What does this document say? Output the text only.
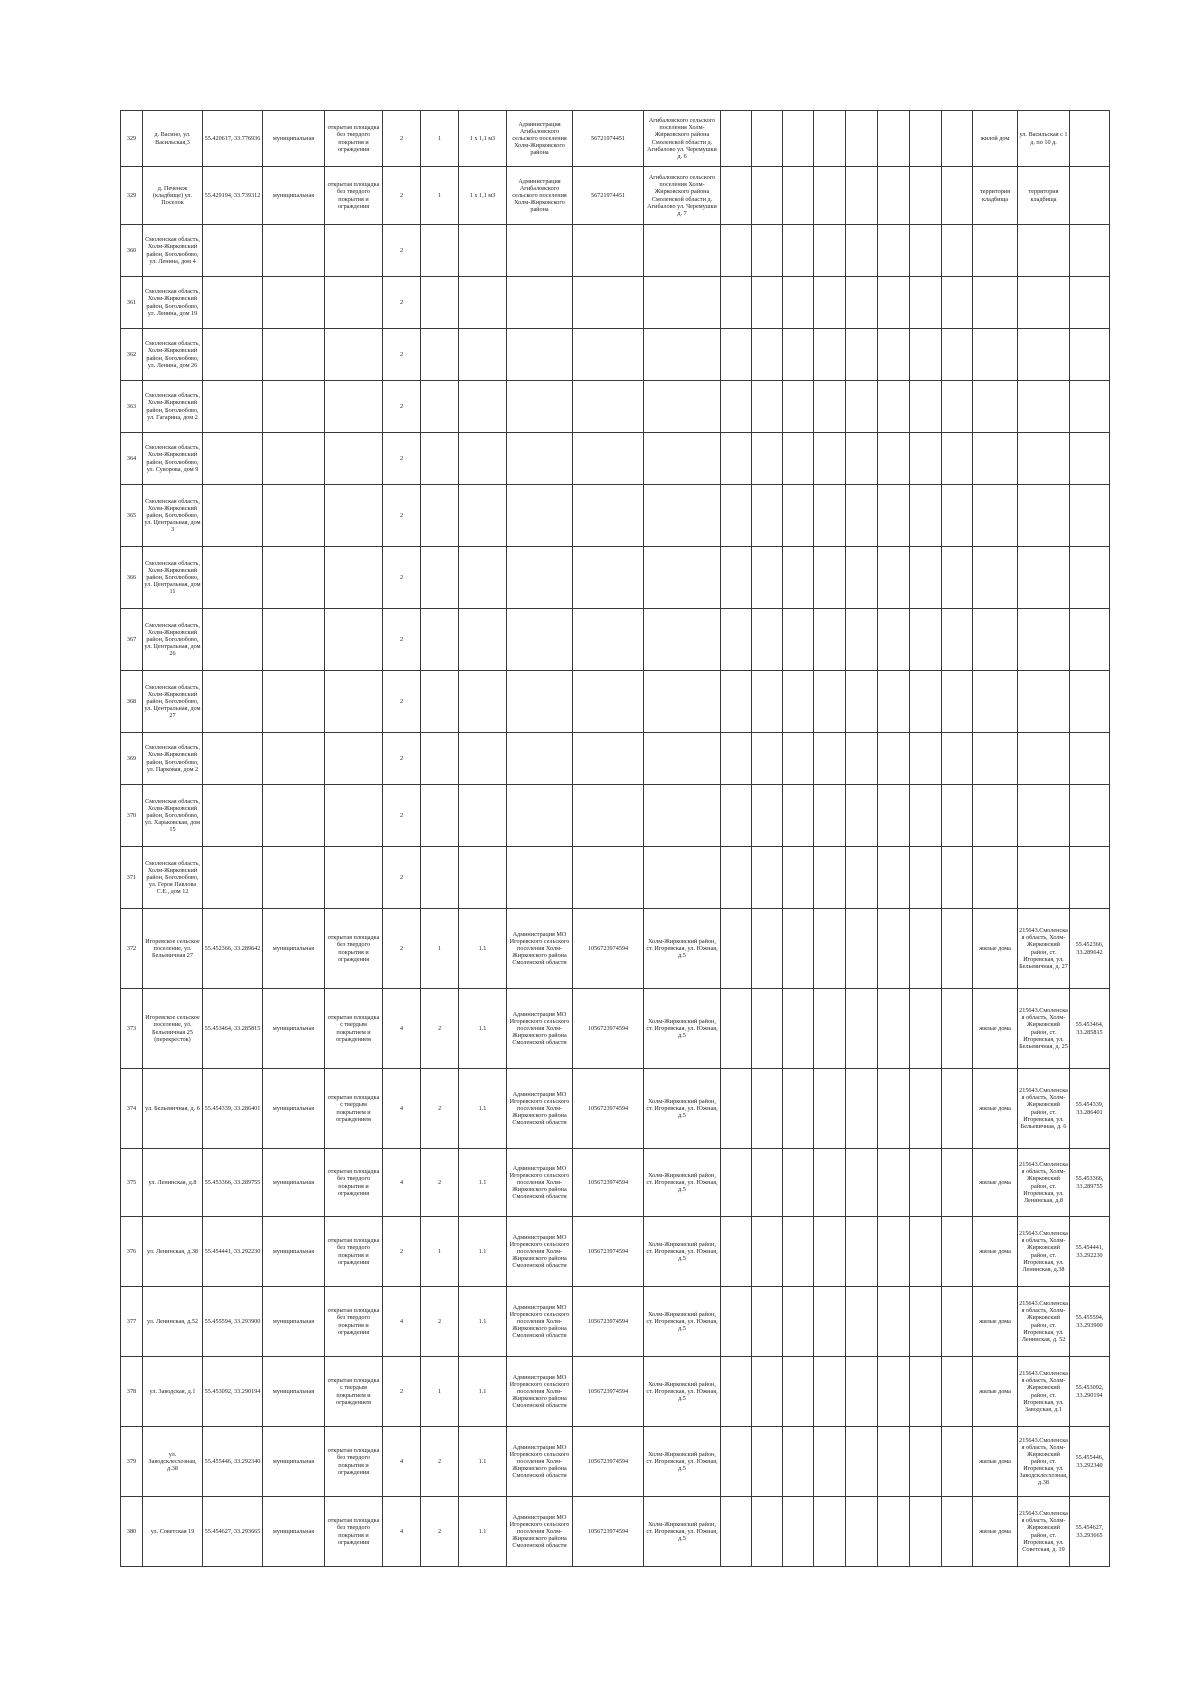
329	д. Васино, ул. Васильская,3	55.420617, 33.776936	муниципальная	открытая площадка без твердого покрытия и ограждения	2	1	1 х 1,1 м3	Администрация Агибаловского сельского поселения Холм-Жирковского района	56721974451	Агибаловского сельского поселения Холм-Жирковского района Смоленской области д. Агибалово ул. Черемушки д. 6									жилой дом	ул. Васильская с 1 д. по 10 д.	
329	д. Печенеж (кладбище) ул. Поселок	55.429194, 33.739312	муниципальная	открытая площадка без твердого покрытия и ограждения	2	1	1 х 1,1 м3	Администрация Агибаловского сельского поселения Холм-Жирковского района	56721974451	Агибаловского сельского поселения Холм-Жирковского района Смоленской области д. Агибалово ул. Черемушки д. 7									территория кладбища	территория кладбища	
360	Смоленская область, Холм-Жирковский район, Боголюбово, ул. Ленина, дом 4				2																
361	Смоленская область, Холм-Жирковский район, Боголюбово, ул. Ленина, дом 19				2																
362	Смоленская область, Холм-Жирковский район, Боголюбово, ул. Ленина, дом 26				2																
363	Смоленская область, Холм-Жирковский район, Боголюбово, ул. Гагарина, дом 2				2																
364	Смоленская область, Холм-Жирковский район, Боголюбово, ул. Суворова, дом 9				2																
365	Смоленская область, Холм-Жирковский район, Боголюбово, ул. Центральная, дом 3				2																
366	Смоленская область, Холм-Жирковский район, Боголюбово, ул. Центральная, дом 11				2																
367	Смоленская область, Холм-Жирковский район, Боголюбово, ул. Центральная, дом 26				2																
368	Смоленская область, Холм-Жирковский район, Боголюбово, ул. Центральная, дом 27				2																
369	Смоленская область, Холм-Жирковский район, Боголюбово, ул. Парковая, дом 2				2																
370	Смоленская область, Холм-Жирковский район, Боголюбово, ул. Харьковская, дом 15				2																
371	Смоленская область, Холм-Жирковский район, Боголюбово, ул. Героя Павлова С.Е., дом 12				2																
372	Игоревское сельское поселение, ул. Бельевичная 27	55.452366, 33.289642	муниципальная	открытая площадка без твердого покрытия и ограждения	2	1	1.1	Администрация МО Игоревского сельского поселения Холм-Жирковского района Смоленской области	1056723974594	Холм-Жирковский район, ст. Игоревская, ул. Южная, д.5									жилые дома	215643.Смоленская область, Холм-Жирковский район, ст. Игоревская, ул. Бельевичная, д. 27	55.452366, 33.289642
373	Игоревское сельское поселение, ул. Бельевичная 25 (перекресток)	55.453464, 33.285815	муниципальная	открытая площадка с твердым покрытием и ограждением	4	2	1.1	Администрация МО Игоревского сельского поселения Холм-Жирковского района Смоленской области	1056723974594	Холм-Жирковский район, ст. Игоревская, ул. Южная, д.5									жилые дома	215643.Смоленская область, Холм-Жирковский район, ст. Игоревская, ул. Бельевичная, д. 25	55.453464, 33.285815
374	ул. Бельевичная, д. 6	55.454339, 33.286401	муниципальная	открытая площадка с твердым покрытием и ограждением	4	2	1.1	Администрация МО Игоревского сельского поселения Холм-Жирковского района Смоленской области	1056723974594	Холм-Жирковский район, ст. Игоревская, ул. Южная, д.5									жилые дома	215643.Смоленская область, Холм-Жирковский район, ст. Игоревская, ул. Бельевичная, д. 6	55.454339, 33.286401
375	ул. Ленинская, д.8	55.453366, 33.289755	муниципальная	открытая площадка без твердого покрытия и ограждения	4	2	1.1	Администрация МО Игоревского сельского поселения Холм-Жирковского района Смоленской области	1056723974594	Холм-Жирковский район, ст. Игоревская, ул. Южная, д.5									жилые дома	215643.Смоленская область, Холм-Жирковский район, ст. Игоревская, ул. Ленинская, д.8	55.453366, 33.289755
376	ул. Ленинская, д.38	55.454441, 33.292230	муниципальная	открытая площадка без твердого покрытия и ограждения	2	1	1.1	Администрация МО Игоревского сельского поселения Холм-Жирковского района Смоленской области	1056723974594	Холм-Жирковский район, ст. Игоревская, ул. Южная, д.5									жилые дома	215643.Смоленская область, Холм-Жирковский район, ст. Игоревская, ул. Ленинская, д.38	55.454441, 33.292230
377	ул. Ленинская, д.52	55.455594, 33.293900	муниципальная	открытая площадка без твердого покрытия и ограждения	4	2	1.1	Администрация МО Игоревского сельского поселения Холм-Жирковского района Смоленской области	1056723974594	Холм-Жирковский район, ст. Игоревская, ул. Южная, д.5									жилые дома	215643.Смоленская область, Холм-Жирковский район, ст. Игоревская, ул. Ленинская, д. 52	55.455594, 33.293900
378	ул. Заводская, д.1	55.453092, 33.290194	муниципальная	открытая площадка с твердым покрытием и ограждением	2	1	1.1	Администрация МО Игоревского сельского поселения Холм-Жирковского района Смоленской области	1056723974594	Холм-Жирковский район, ст. Игоревская, ул. Южная, д.5									жилые дома	215643.Смоленская область, Холм-Жирковский район, ст. Игоревская, ул. Заводская, д.1	55.453092, 33.290194
379	ул. Заводсклесхозная, д.38	55.455446, 33.292340	муниципальная	открытая площадка без твердого покрытия и ограждения	4	2	1.1	Администрация МО Игоревского сельского поселения Холм-Жирковского района Смоленской области	1056723974594	Холм-Жирковский район, ст. Игоревская, ул. Южная, д.5									жилые дома	215643.Смоленская область, Холм-Жирковский район, ст. Игоревская, ул. Заводсклесхозная, д.38	55.455446, 33.292340
380	ул. Советская 19	55.454627, 33.293665	муниципальная	открытая площадка без твердого покрытия и ограждения	4	2	1.1	Администрация МО Игоревского сельского поселения Холм-Жирковского района Смоленской области	1056723974594	Холм-Жирковский район, ст. Игоревская, ул. Южная, д.5									жилые дома	215643.Смоленская область, Холм-Жирковский район, ст. Игоревская, ул. Советская, д. 19	55.454627, 33.293665
